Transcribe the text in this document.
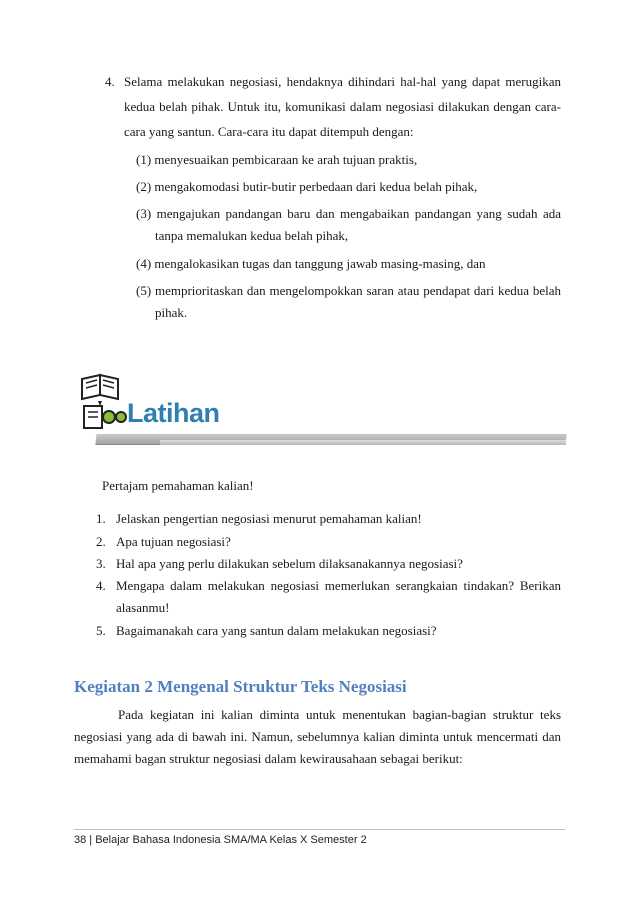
4. Selama melakukan negosiasi, hendaknya dihindari hal-hal yang dapat merugikan
kedua belah pihak. Untuk itu, komunikasi dalam negosiasi dilakukan dengan cara-
cara yang santun. Cara-cara itu dapat ditempuh dengan:
(1) menyesuaikan pembicaraan ke arah tujuan praktis,
(2) mengakomodasi butir-butir perbedaan dari kedua belah pihak,
(3) mengajukan pandangan baru dan mengabaikan pandangan yang sudah ada
tanpa memalukan kedua belah pihak,
(4) mengalokasikan tugas dan tanggung jawab masing-masing, dan
(5) memprioritaskan dan mengelompokkan saran atau pendapat dari kedua belah
pihak.
Latihan
Pertajam pemahaman kalian!
1. Jelaskan pengertian negosiasi menurut pemahaman kalian!
2. Apa tujuan negosiasi?
3. Hal apa yang perlu dilakukan sebelum dilaksanakannya negosiasi?
4. Mengapa dalam melakukan negosiasi memerlukan serangkaian tindakan? Berikan
alasanmu!
5. Bagaimanakah cara yang santun dalam melakukan negosiasi?
Kegiatan 2 Mengenal Struktur Teks Negosiasi
Pada kegiatan ini kalian diminta untuk menentukan bagian-bagian struktur teks
negosiasi yang ada di bawah ini. Namun, sebelumnya kalian diminta untuk mencermati dan
memahami bagan struktur negosiasi dalam kewirausahaan sebagai berikut:
38 | Belajar Bahasa Indonesia SMA/MA Kelas X Semester 2
